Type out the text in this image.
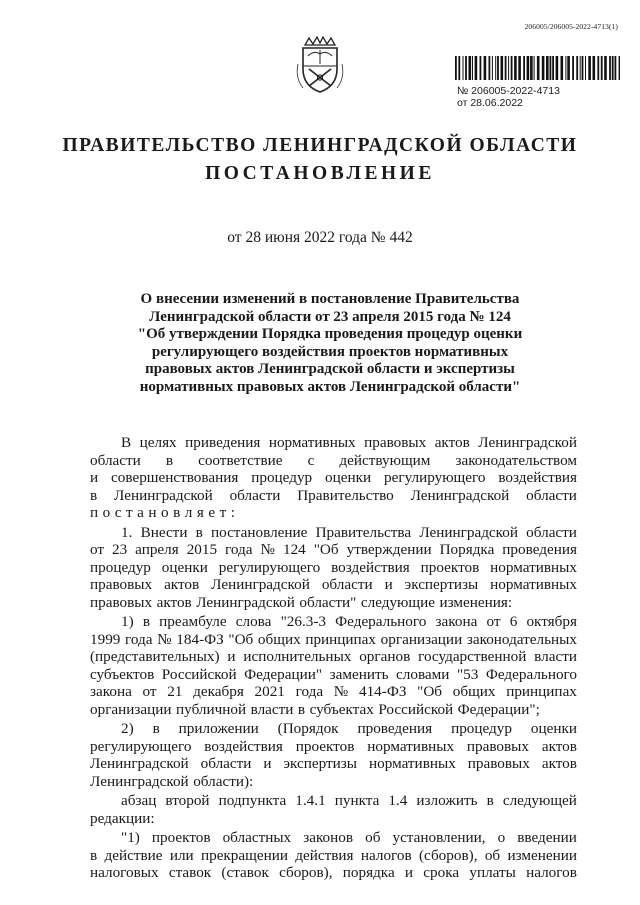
206005/206005-2022-4713(1)
№ 206005-2022-4713
от 28.06.2022
ПРАВИТЕЛЬСТВО ЛЕНИНГРАДСКОЙ ОБЛАСТИ
ПОСТАНОВЛЕНИЕ
от 28 июня 2022 года № 442
О внесении изменений в постановление Правительства
Ленинградской области от 23 апреля 2015 года № 124
"Об утверждении Порядка проведения процедур оценки
регулирующего воздействия проектов нормативных
правовых актов Ленинградской области и экспертизы
нормативных правовых актов Ленинградской области"
В целях приведения нормативных правовых актов Ленинградской
области в соответствие с действующим законодательством
и совершенствования процедур оценки регулирующего воздействия
в Ленинградской области Правительство Ленинградской области
п о с т а н о в л я е т :
1. Внести в постановление Правительства Ленинградской области
от 23 апреля 2015 года № 124 "Об утверждении Порядка проведения
процедур оценки регулирующего воздействия проектов нормативных
правовых актов Ленинградской области и экспертизы нормативных
правовых актов Ленинградской области" следующие изменения:
1) в преамбуле слова "26.3-3 Федерального закона от 6 октября
1999 года № 184-ФЗ "Об общих принципах организации законодательных
(представительных) и исполнительных органов государственной власти
субъектов Российской Федерации" заменить словами "53 Федерального
закона от 21 декабря 2021 года № 414-ФЗ "Об общих принципах
организации публичной власти в субъектах Российской Федерации";
2) в приложении (Порядок проведения процедур оценки
регулирующего воздействия проектов нормативных правовых актов
Ленинградской области и экспертизы нормативных правовых актов
Ленинградской области):
абзац второй подпункта 1.4.1 пункта 1.4 изложить в следующей
редакции:
"1) проектов областных законов об установлении, о введении
в действие или прекращении действия налогов (сборов), об изменении
налоговых ставок (ставок сборов), порядка и срока уплаты налогов
